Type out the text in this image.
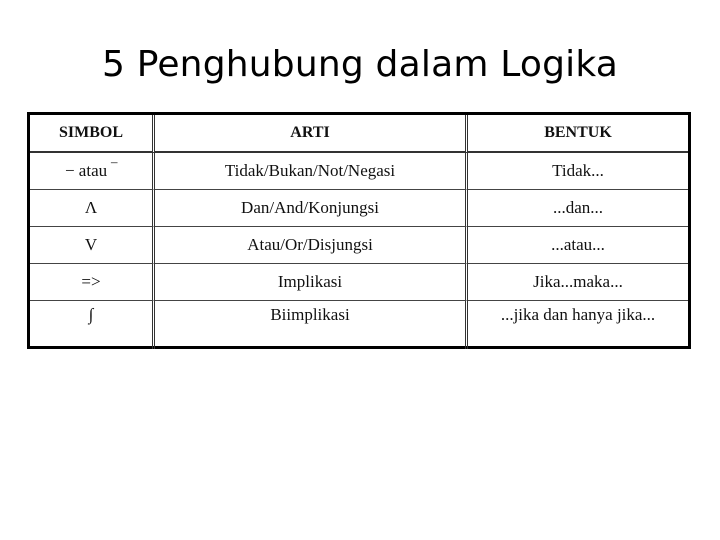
5 Penghubung dalam Logika
SIMBOL	ARTI	BENTUK
− atau ‾	Tidak/Bukan/Not/Negasi	Tidak...
Λ	Dan/And/Konjungsi	...dan...
V	Atau/Or/Disjungsi	...atau...
=>	Implikasi	Jika...maka...
∫	Biimplikasi	...jika dan hanya jika...
